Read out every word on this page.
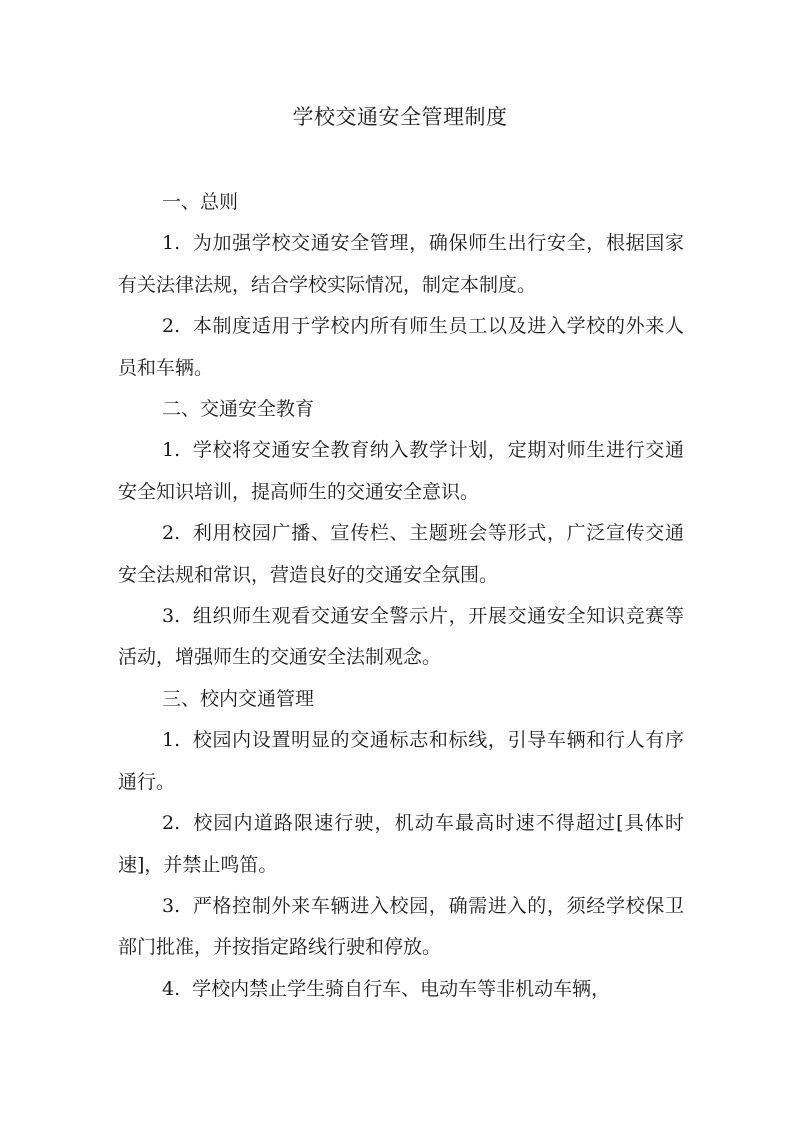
学校交通安全管理制度

一、总则

1. 为加强学校交通安全管理，确保师生出行安全，根据国家有关法律法规，结合学校实际情况，制定本制度。

2. 本制度适用于学校内所有师生员工以及进入学校的外来人员和车辆。

二、交通安全教育

1. 学校将交通安全教育纳入教学计划，定期对师生进行交通安全知识培训，提高师生的交通安全意识。

2. 利用校园广播、宣传栏、主题班会等形式，广泛宣传交通安全法规和常识，营造良好的交通安全氛围。

3. 组织师生观看交通安全警示片，开展交通安全知识竞赛等活动，增强师生的交通安全法制观念。

三、校内交通管理

1. 校园内设置明显的交通标志和标线，引导车辆和行人有序通行。

2. 校园内道路限速行驶，机动车最高时速不得超过[具体时速]，并禁止鸣笛。

3. 严格控制外来车辆进入校园，确需进入的，须经学校保卫部门批准，并按指定路线行驶和停放。

4. 学校内禁止学生骑自行车、电动车等非机动车辆，
